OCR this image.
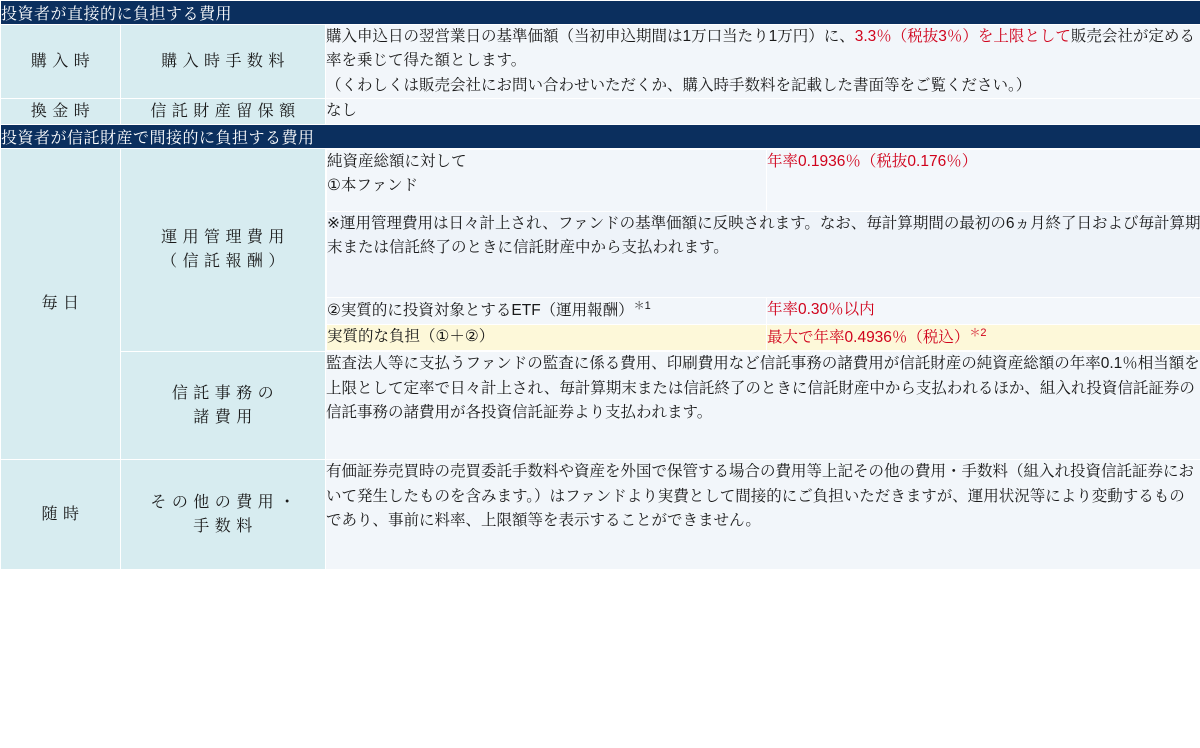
投資者が直接的に負担する費用
購 入 時	購 入 時 手 数 料	購入申込日の翌営業日の基準価額（当初申込期間は1万口当たり1万円）に、3.3％（税抜3％）を上限として販売会社が定める率を乗じて得た額とします。
（くわしくは販売会社にお問い合わせいただくか、購入時手数料を記載した書面等をご覧ください。）
換 金 時	信 託 財 産 留 保 額	なし
投資者が信託財産で間接的に負担する費用
毎 日	運 用 管 理 費 用
（ 信 託 報 酬 ）	
純資産総額に対して
①本ファンド	年率0.1936％（税抜0.176％）
※運用管理費用は日々計上され、ファンドの基準価額に反映されます。なお、毎計算期間の最初の6ヵ月終了日および毎計算期末または信託終了のときに信託財産中から支払われます。
②実質的に投資対象とするETF（運用報酬）$^{*1}$	年率0.30％以内
実質的な負担（①＋②）	最大で年率0.4936％（税込）$^{*2}$

信 託 事 務 の
諸 費 用	監査法人等に支払うファンドの監査に係る費用、印刷費用など信託事務の諸費用が信託財産の純資産総額の年率0.1％相当額を上限として定率で日々計上され、毎計算期末または信託終了のときに信託財産中から支払われるほか、組入れ投資信託証券の信託事務の諸費用が各投資信託証券より支払われます。
随 時	そ の 他 の 費 用 ・
手 数 料	有価証券売買時の売買委託手数料や資産を外国で保管する場合の費用等上記その他の費用・手数料（組入れ投資信託証券において発生したものを含みます。）はファンドより実費として間接的にご負担いただきますが、運用状況等により変動するものであり、事前に料率、上限額等を表示することができません。
